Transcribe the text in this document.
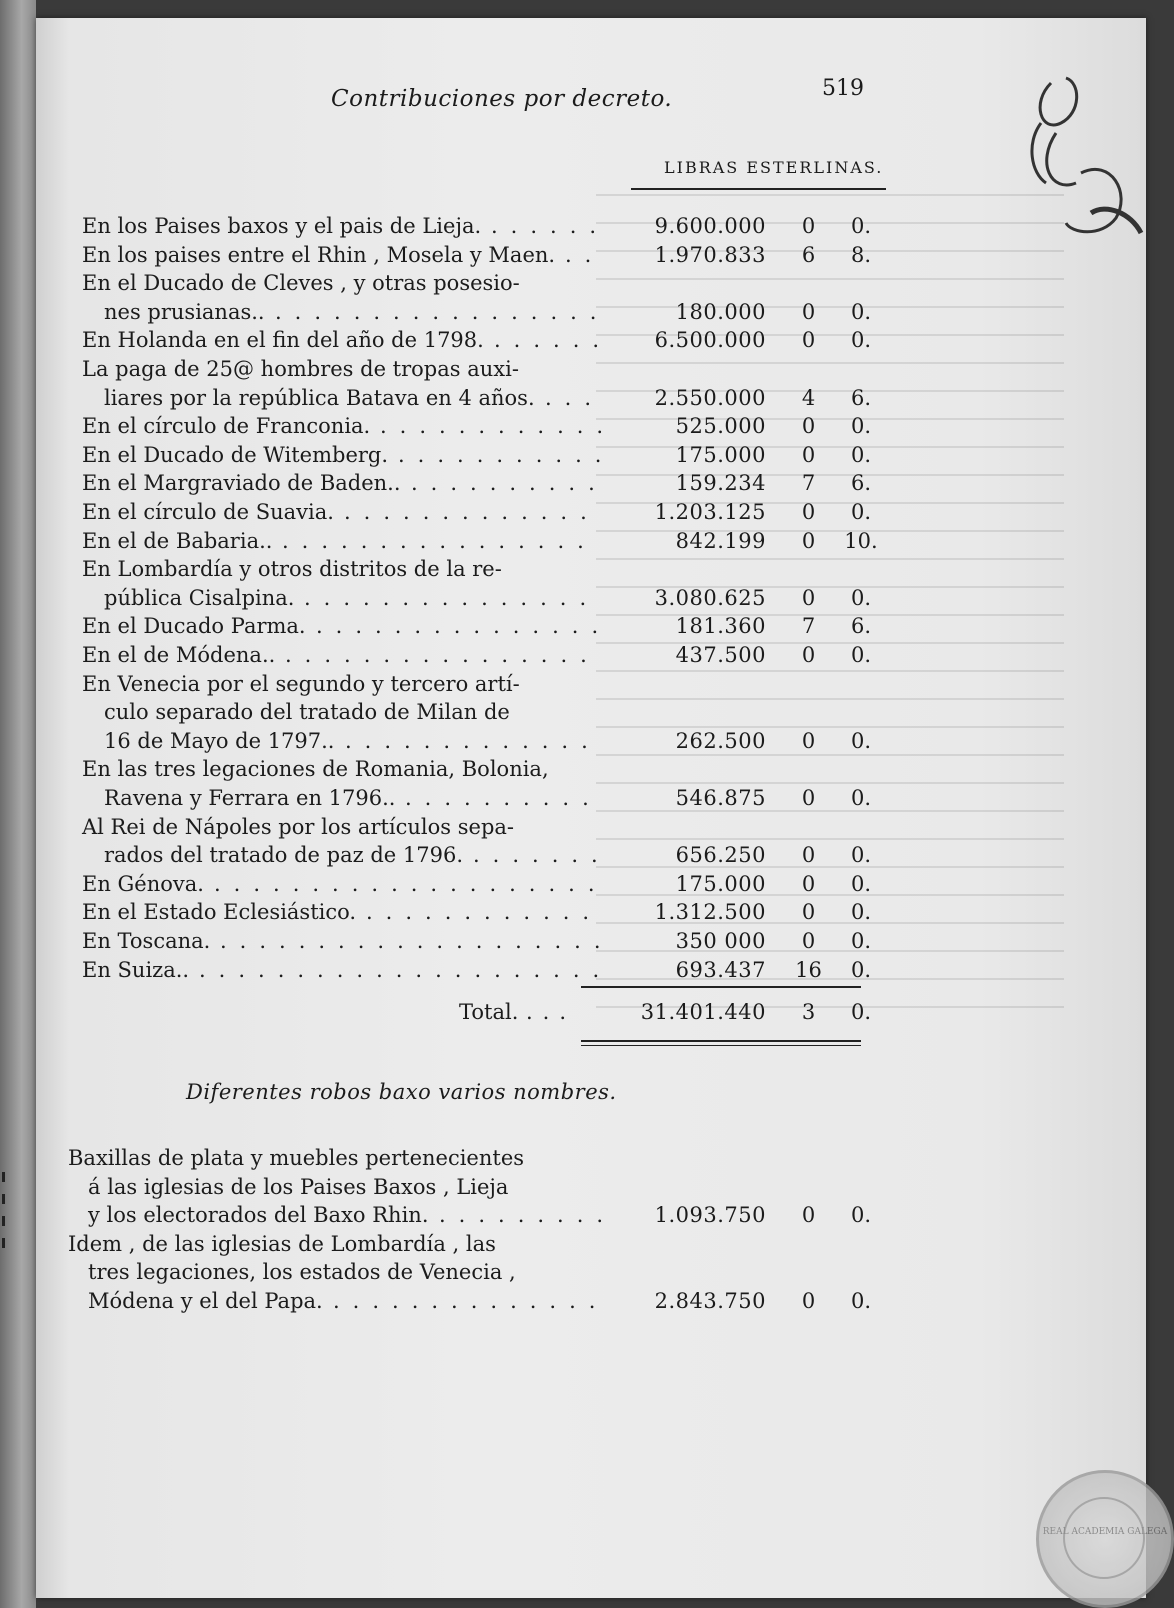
Contribuciones por decreto.	519
LIBRAS ESTERLINAS.
En los Paises baxos y el pais de Lieja. ......	9.600.000	0	0.
En los paises entre el Rhin , Mosela y Maen. ..	1.970.833	6	8.
En el Ducado de Cleves , y otras posesio-
nes prusianas.. .................	180.000	0	0.
En Holanda en el fin del año de 1798. ......	6.500.000	0	0.
La paga de 25@ hombres de tropas auxi-
liares por la república Batava en 4 años. ...	2.550.000	4	6.
En el círculo de Franconia. ............	525.000	0	0.
En el Ducado de Witemberg. ...........	175.000	0	0.
En el Margraviado de Baden.. ..........	159.234	7	6.
En el círculo de Suavia. .............	1.203.125	0	0.
En el de Babaria.. ................	842.199	0	10.
En Lombardía y otros distritos de la re-
pública Cisalpina. ...............	3.080.625	0	0.
En el Ducado Parma. ...............	181.360	7	6.
En el de Módena.. ................	437.500	0	0.
En Venecia por el segundo y tercero artí-
culo separado del tratado de Milan de
16 de Mayo de 1797.. .............	262.500	0	0.
En las tres legaciones de Romania, Bolonia,
Ravena y Ferrara en 1796.. ..........	546.875	0	0.
Al Rei de Nápoles por los artículos sepa-
rados del tratado de paz de 1796. .......	656.250	0	0.
En Génova. ....................	175.000	0	0.
En el Estado Eclesiástico. ............	1.312.500	0	0.
En Toscana. ....................	350 000	0	0.
En Suiza.. .....................	693.437	16	0.
...
Total.	31.401.440	3	0.
Diferentes robos baxo varios nombres.
Baxillas de plata y muebles pertenecientes
á las iglesias de los Paises Baxos , Lieja
y los electorados del Baxo Rhin. .........	1.093.750	0	0.
Idem , de las iglesias de Lombardía , las
tres legaciones, los estados de Venecia ,
Módena y el del Papa. ..............	2.843.750	0	0.
REAL ACADEMIA GALEGA
